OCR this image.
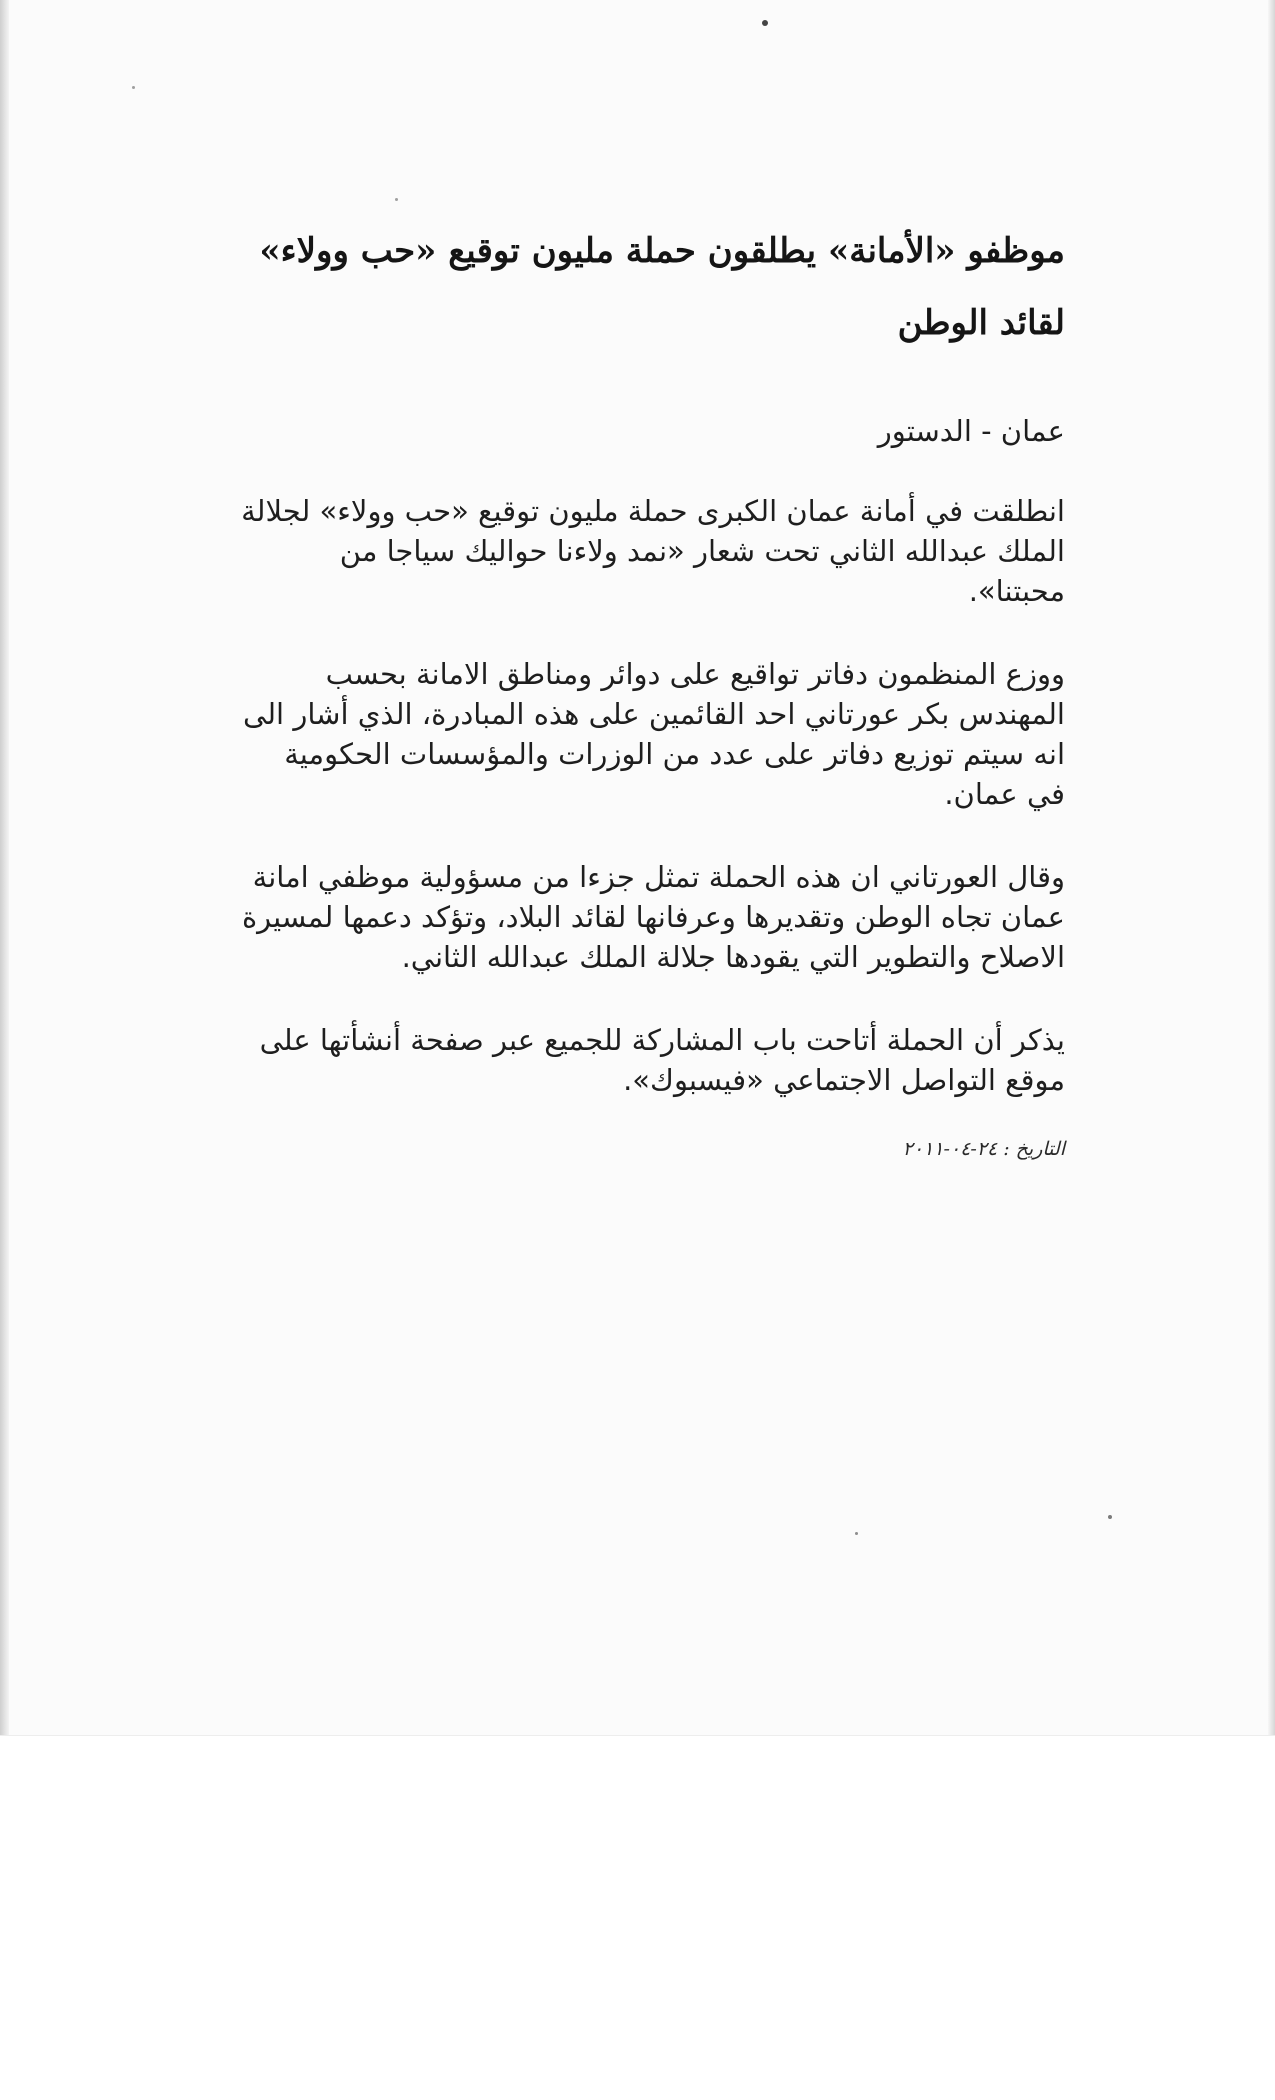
موظفو «الأمانة» يطلقون حملة مليون توقيع «حب وولاء» لقائد الوطن

عمان - الدستور

انطلقت في أمانة عمان الكبرى حملة مليون توقيع «حب وولاء» لجلالة الملك عبدالله الثاني تحت شعار «نمد ولاءنا حواليك سياجا من محبتنا».

ووزع المنظمون دفاتر تواقيع على دوائر ومناطق الامانة بحسب المهندس بكر عورتاني احد القائمين على هذه المبادرة، الذي أشار الى انه سيتم توزيع دفاتر على عدد من الوزرات والمؤسسات الحكومية في عمان.

وقال العورتاني ان هذه الحملة تمثل جزءا من مسؤولية موظفي امانة عمان تجاه الوطن وتقديرها وعرفانها لقائد البلاد، وتؤكد دعمها لمسيرة الاصلاح والتطوير التي يقودها جلالة الملك عبدالله الثاني.

يذكر أن الحملة أتاحت باب المشاركة للجميع عبر صفحة أنشأتها على موقع التواصل الاجتماعي «فيسبوك».

التاريخ : ٢٤-٠٤-٢٠١١
